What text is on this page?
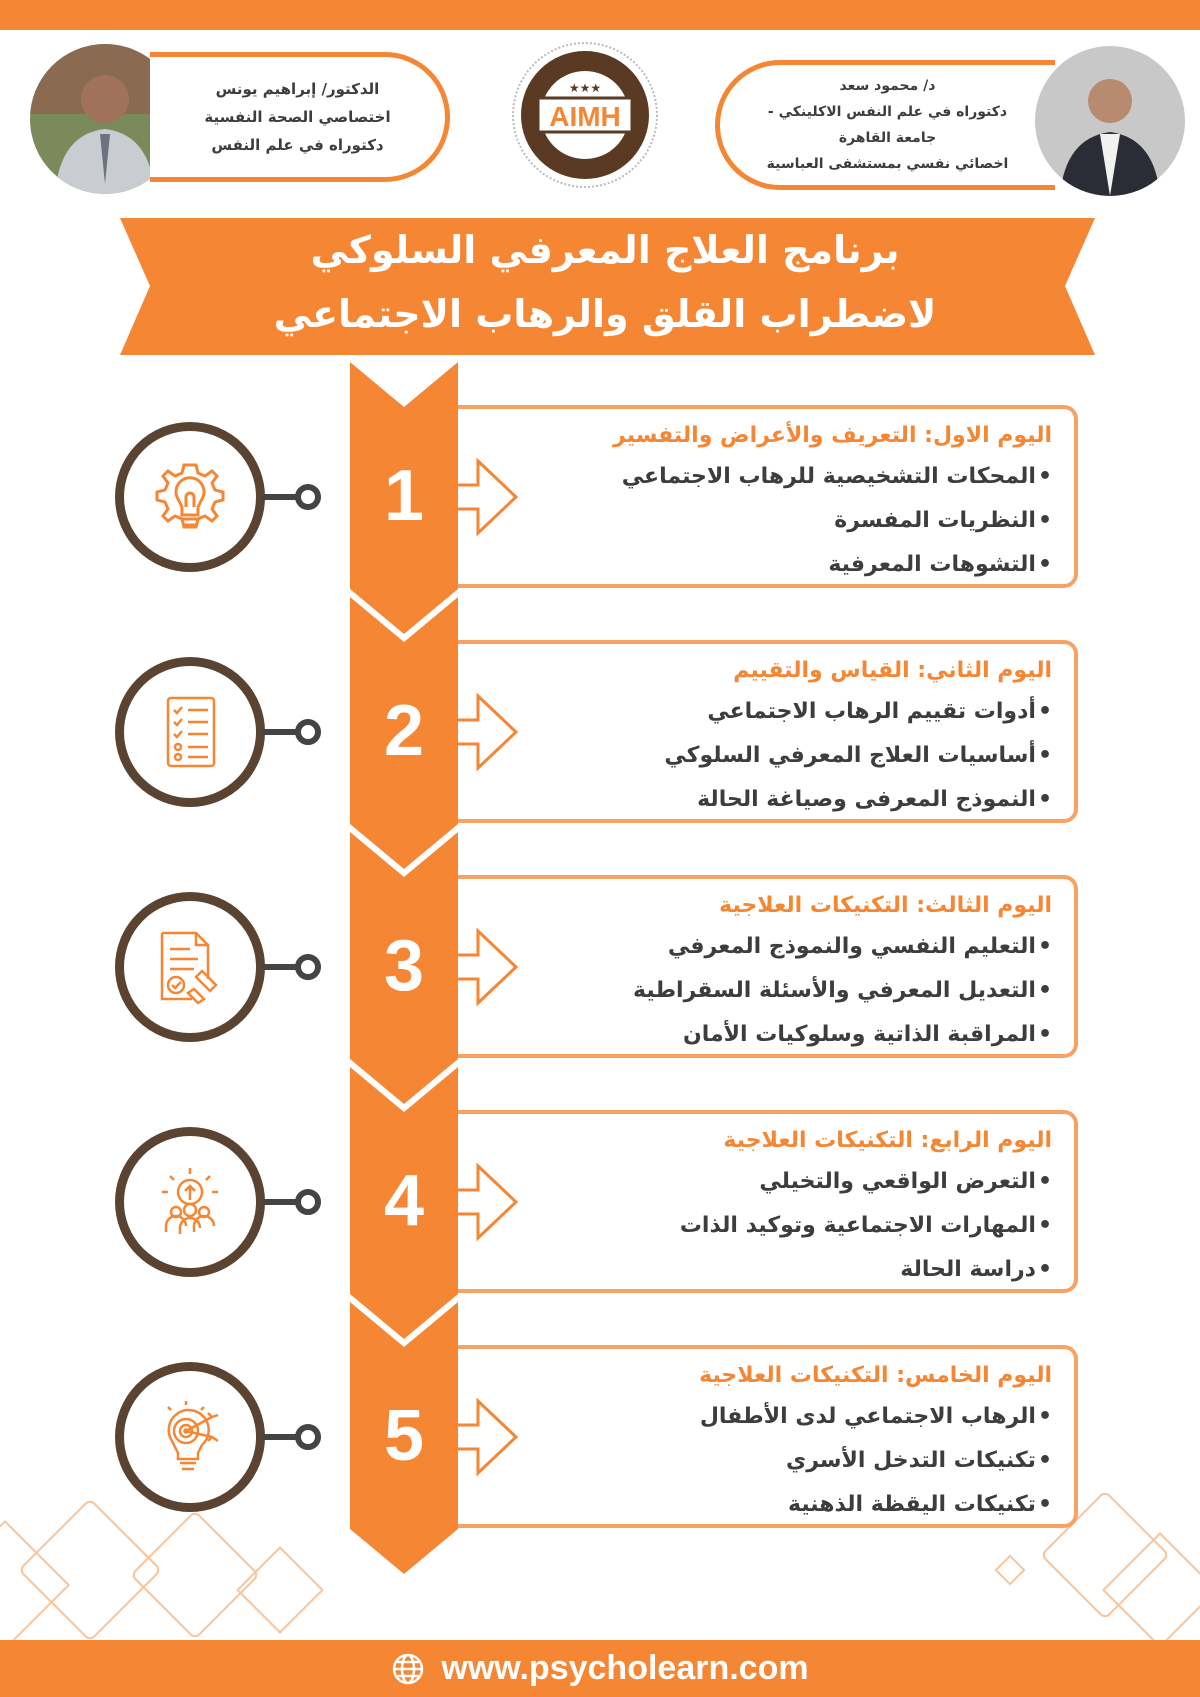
الدكتور/ إبراهيم يونس
اختصاصي الصحة النفسية
دكتوراه في علم النفس
AIMH
★★★	د/ محمود سعد
دكتوراه في علم النفس الاكلينكي -
جامعة القاهرة
اخصائي نفسي بمستشفى العباسية
برنامج العلاج المعرفي السلوكي
لاضطراب القلق والرهاب الاجتماعي
1
اليوم الاول: التعريف والأعراض والتفسير
• المحكات التشخيصية للرهاب الاجتماعي
• النظريات المفسرة
• التشوهات المعرفية
2
اليوم الثاني: القياس والتقييم
• أدوات تقييم الرهاب الاجتماعي
• أساسيات العلاج المعرفي السلوكي
• النموذج المعرفى وصياغة الحالة
3
اليوم الثالث: التكنيكات العلاجية
• التعليم النفسي والنموذج المعرفي
• التعديل المعرفي والأسئلة السقراطية
• المراقبة الذاتية وسلوكيات الأمان
4
اليوم الرابع: التكنيكات العلاجية
• التعرض الواقعي والتخيلي
• المهارات الاجتماعية وتوكيد الذات
• دراسة الحالة
5
اليوم الخامس: التكنيكات العلاجية
• الرهاب الاجتماعي لدى الأطفال
• تكنيكات التدخل الأسري
• تكنيكات اليقظة الذهنية
www.psycholearn.com
